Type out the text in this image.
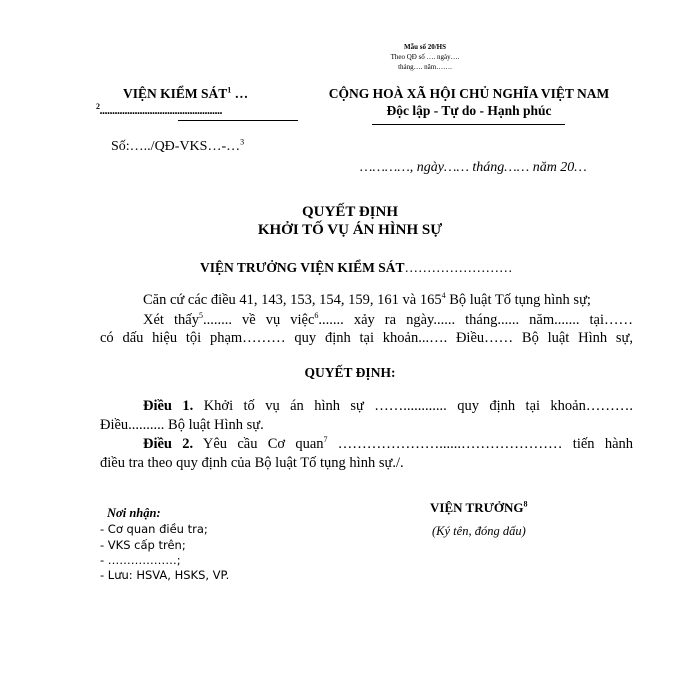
Mẫu số 20/HS
Theo QĐ số …. ngày….
tháng…. năm…….
VIỆN KIỂM SÁT$^1$ …
$^2$.................................................
CỘNG HOÀ XÃ HỘI CHỦ NGHĨA VIỆT NAM
Độc lập - Tự do - Hạnh phúc
Số:…../QĐ-VKS…-…$^3$
…………, ngày…… tháng…… năm 20…
QUYẾT ĐỊNH
KHỞI TỐ VỤ ÁN HÌNH SỰ
VIỆN TRƯỞNG VIỆN KIỂM SÁT……………………
Căn cứ các điều 41, 143, 153, 154, 159, 161 và $165^4$ Bộ luật Tố tụng hình sự;
Xét thấy$^5$........ về vụ việc$^6$....... xảy ra ngày...... tháng...... năm....... tại……
có dấu hiệu tội phạm……… quy định tại khoản...…. Điều…… Bộ luật Hình sự,
QUYẾT ĐỊNH:
Điều 1. Khởi tố vụ án hình sự ……............ quy định tại khoản……….
Điều.......... Bộ luật Hình sự.
Điều 2. Yêu cầu Cơ quan$^7$ …………………......………………… tiến hành
điều tra theo quy định của Bộ luật Tố tụng hình sự./.
Nơi nhận:
- Cơ quan điều tra;
- VKS cấp trên;
- ………………;
- Lưu: HSVA, HSKS, VP.
VIỆN TRƯỞNG$^8$
(Ký tên, đóng dấu)
